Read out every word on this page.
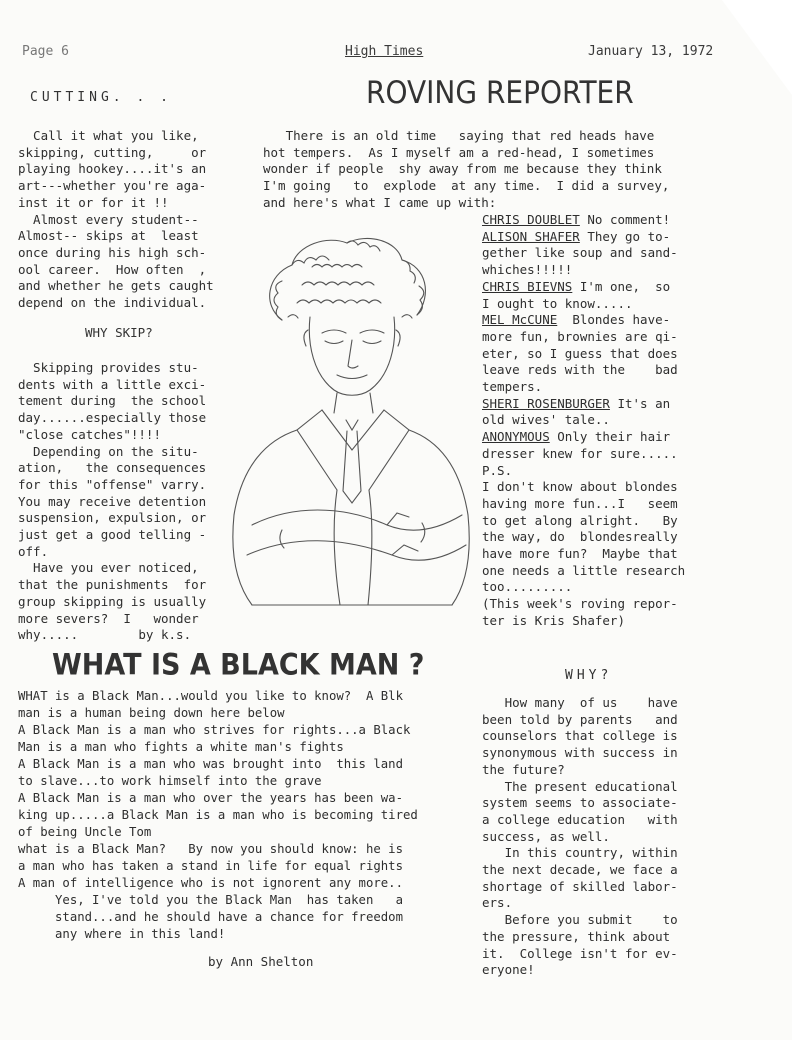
Page 6	High Times	January 13, 1972
CUTTING. . .	ROVING REPORTER

Call it what you like,

skipping, cutting,     or

playing hookey....it's an

art---whether you're aga-

inst it or for it !!

Almost every student--

Almost-- skips at  least

once during his high sch-

ool career.  How often  ,

and whether he gets caught

depend on the individual.

WHY SKIP?

Skipping provides stu-

dents with a little exci-

tement during  the school

day......especially those

"close catches"!!!!

Depending on the situ-

ation,   the consequences

for this "offense" varry.

You may receive detention

suspension, expulsion, or

just get a good telling -

off.

Have you ever noticed,

that the punishments  for

group skipping is usually

more severs?  I   wonder

why.....        by k.s.

There is an old time   saying that red heads have

hot tempers.  As I myself am a red-head, I sometimes

wonder if people  shy away from me because they think

I'm going   to  explode  at any time.  I did a survey,

and here's what I came up with:

CHRIS DOUBLET No comment!

ALISON SHAFER They go to-

gether like soup and sand-

whiches!!!!!

CHRIS BIEVNS I'm one,  so

I ought to know.....

MEL McCUNE  Blondes have-

more fun, brownies are qi-

eter, so I guess that does

leave reds with the    bad

tempers.

SHERI ROSENBURGER It's an

old wives' tale..

ANONYMOUS Only their hair

dresser knew for sure.....

P.S.

I don't know about blondes

having more fun...I   seem

to get along alright.   By

the way, do  blondesreally

have more fun?  Maybe that

one needs a little research

too.........

(This week's roving repor-

ter is Kris Shafer)

WHAT IS A BLACK MAN ?

WHAT is a Black Man...would you like to know?  A Blk

man is a human being down here below

A Black Man is a man who strives for rights...a Black

Man is a man who fights a white man's fights

A Black Man is a man who was brought into  this land

to slave...to work himself into the grave

A Black Man is a man who over the years has been wa-

king up.....a Black Man is a man who is becoming tired

of being Uncle Tom

what is a Black Man?   By now you should know: he is

a man who has taken a stand in life for equal rights

A man of intelligence who is not ignorent any more..

Yes, I've told you the Black Man  has taken   a

stand...and he should have a chance for freedom

any where in this land!

by Ann Shelton
WHY?

How many  of us    have

been told by parents   and

counselors that college is

synonymous with success in

the future?

The present educational

system seems to associate-

a college education   with

success, as well.

In this country, within

the next decade, we face a

shortage of skilled labor-

ers.

Before you submit    to

the pressure, think about

it.  College isn't for ev-

eryone!
